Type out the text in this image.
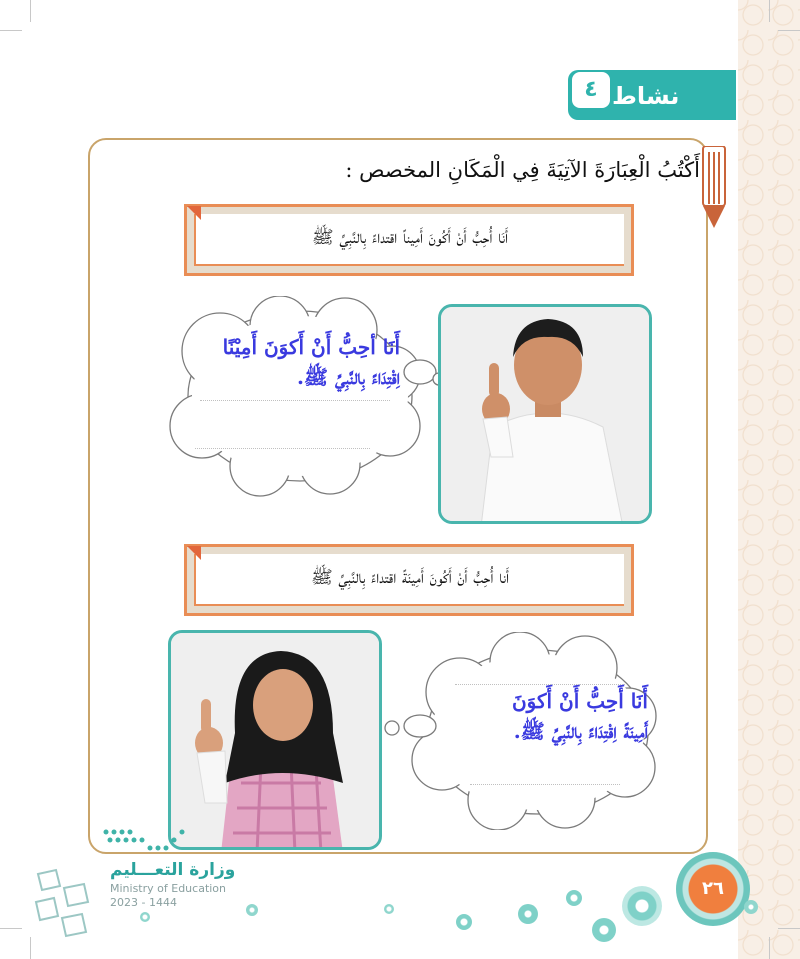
٤ نشاط
أَكْتُبُ الْعِبَارَةَ الآتِيَةَ فِي الْمَكَانِ المخصص :
أَنَا أُحِبُّ أَنْ أَكُونَ أَمِيناً اقتداءً بِالنَّبِيِّ ﷺ
أَنَا أحِبُّ أَنْ أَكوَنَ أَمِيْنًا
اِقْتِدَاءً بِالنَّبِيِّ ﷺ.
أَنا أُحِبُّ أَنْ أَكُونَ أَمِينَةً اقتداءً بِالنَّبِيِّ ﷺ
أَنَا أَحِبُّ أَنْ أَكوَنَ
أَمِينَةً اِقْتِدَاءً بِالنَّبِيِّ ﷺ.
وزارة التعـــليم
Ministry of Education
2023 - 1444
٢٦
